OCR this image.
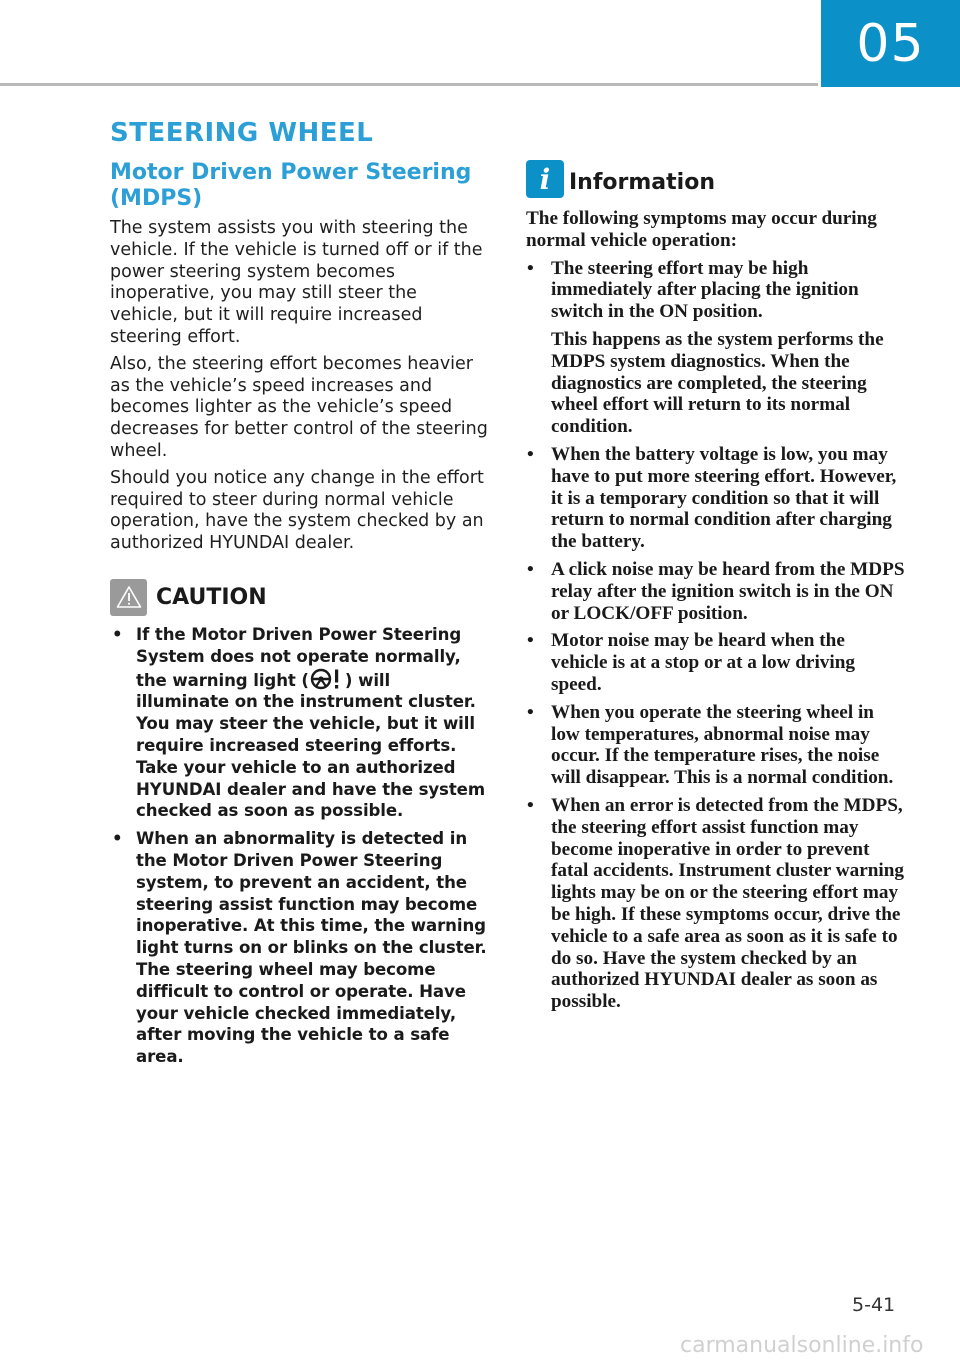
05
STEERING WHEEL
Motor Driven Power Steering
(MDPS)

The system assists you with steering the vehicle. If the vehicle is turned off or if the power steering system becomes inoperative, you may still steer the vehicle, but it will require increased steering effort.

Also, the steering effort becomes heavier as the vehicle’s speed increases and becomes lighter as the vehicle’s speed decreases for better control of the steering wheel.

Should you notice any change in the effort required to steer during normal vehicle operation, have the system checked by an authorized HYUNDAI dealer.

CAUTION
• If the Motor Driven Power Steering System does not operate normally, the warning light ( ) will illuminate on the instrument cluster. You may steer the vehicle, but it will require increased steering efforts. Take your vehicle to an authorized HYUNDAI dealer and have the system checked as soon as possible.
• When an abnormality is detected in the Motor Driven Power Steering system, to prevent an accident, the steering assist function may become inoperative. At this time, the warning light turns on or blinks on the cluster. The steering wheel may become difficult to control or operate. Have your vehicle checked immediately, after moving the vehicle to a safe area.
i Information

The following symptoms may occur during normal vehicle operation:

• The steering effort may be high immediately after placing the ignition switch in the ON position.

This happens as the system performs the MDPS system diagnostics. When the diagnostics are completed, the steering wheel effort will return to its normal condition.

• When the battery voltage is low, you may have to put more steering effort. However, it is a temporary condition so that it will return to normal condition after charging the battery.

• A click noise may be heard from the MDPS relay after the ignition switch is in the ON or LOCK/OFF position.

• Motor noise may be heard when the vehicle is at a stop or at a low driving speed.

• When you operate the steering wheel in low temperatures, abnormal noise may occur. If the temperature rises, the noise will disappear. This is a normal condition.

• When an error is detected from the MDPS, the steering effort assist function may become inoperative in order to prevent fatal accidents. Instrument cluster warning lights may be on or the steering effort may be high. If these symptoms occur, drive the vehicle to a safe area as soon as it is safe to do so. Have the system checked by an authorized HYUNDAI dealer as soon as possible.

5-41
carmanualsonline.info
